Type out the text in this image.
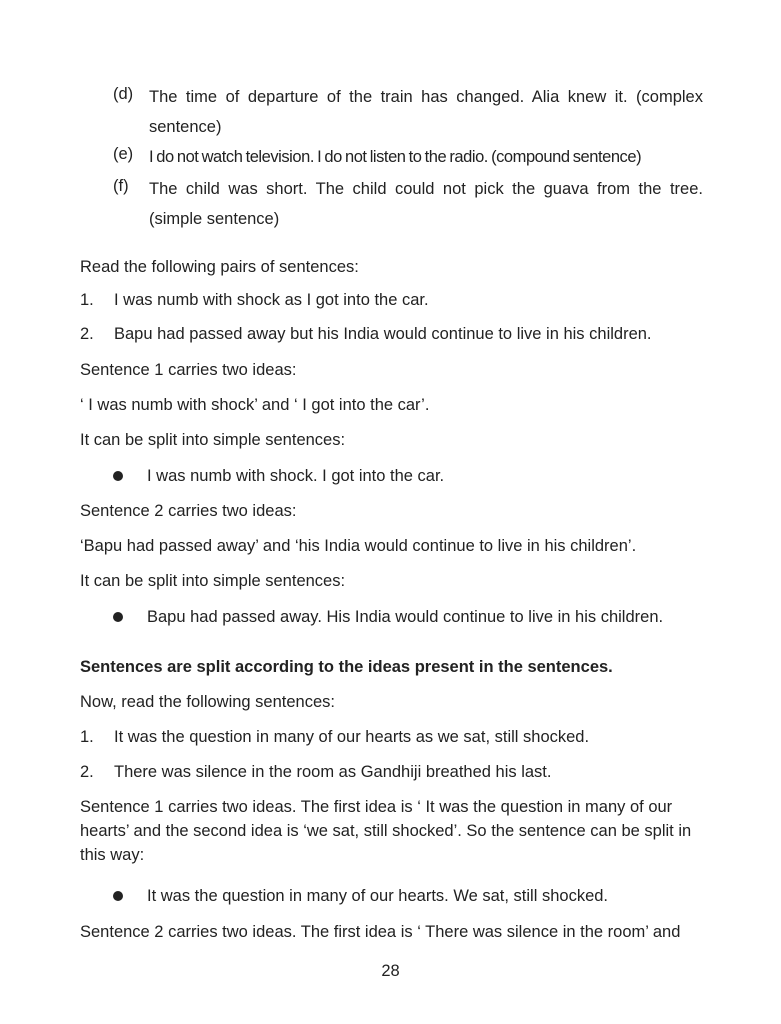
(d) The time of departure of the train has changed. Alia knew it. (complex sentence)
(e) I do not watch television. I do not listen to the radio. (compound sentence)
(f)	The child was short. The child could not pick the guava from the tree. (simple sentence)
Read the following pairs of sentences:
1.	I was numb with shock as I got into the car.
2.	Bapu had passed away but his India would continue to live in his children.
Sentence 1 carries two ideas:
‘ I was numb with shock’ and ‘ I got into the car’.
It can be split into simple sentences:
I was numb with shock. I got into the car.
Sentence 2 carries two ideas:
‘Bapu had passed away’ and ‘his India would continue to live in his children’.
It can be split into simple sentences:
Bapu had passed away. His India would continue to live in his children.
Sentences are split according to the ideas present in the sentences.
Now, read the following sentences:
1.	It was the question in many of our hearts as we sat, still shocked.
2.	There was silence in the room as Gandhiji breathed his last.
Sentence 1 carries two ideas. The first idea is ‘ It was the question in many of our hearts’ and the second idea is ‘we sat, still shocked’. So the sentence can be split in this way:
It was the question in many of our hearts. We sat, still shocked.
Sentence 2 carries two ideas. The first idea is ‘ There was silence in the room’ and
28
